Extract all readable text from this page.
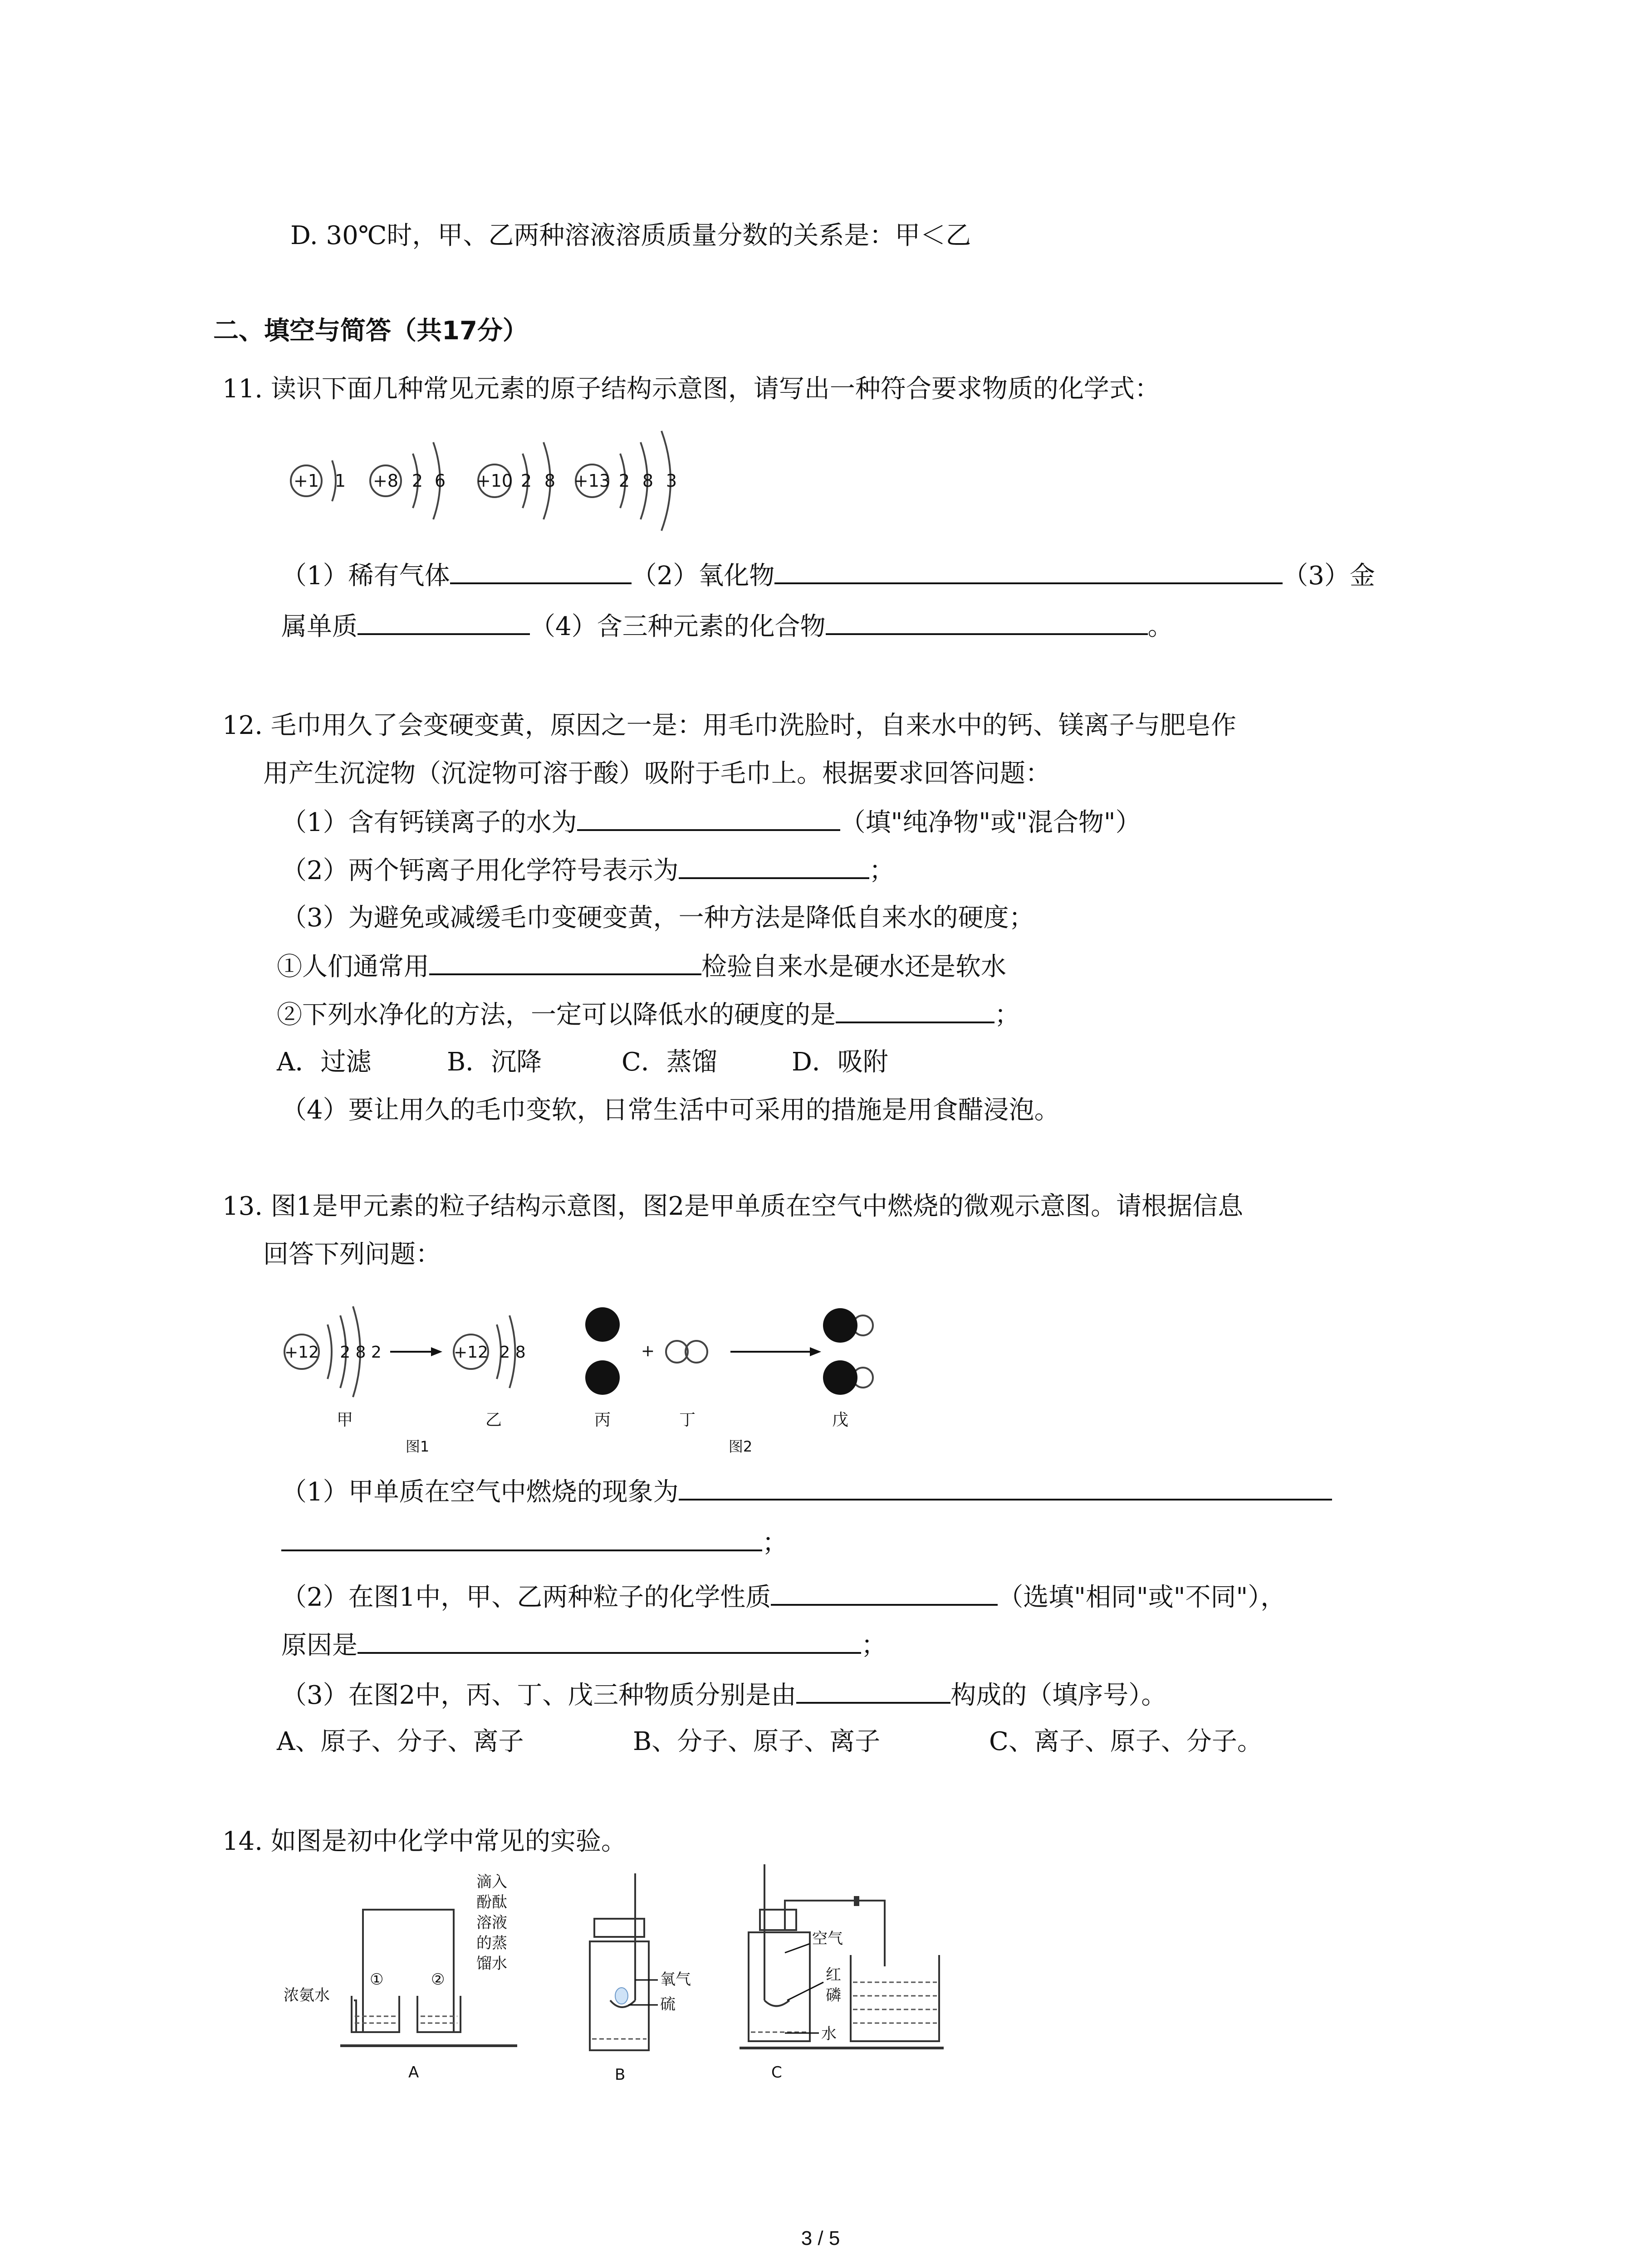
D. 30℃时，甲、乙两种溶液溶质质量分数的关系是：甲＜乙
二、填空与简答（共17分）
11. 读识下面几种常见元素的原子结构示意图，请写出一种符合要求物质的化学式：
+1 1 +8 2 6 +10 2 8 +13 2 8 3
（1）稀有气体	（2）氧化物	（3）金
属单质	（4）含三种元素的化合物	。
12. 毛巾用久了会变硬变黄，原因之一是：用毛巾洗脸时，自来水中的钙、镁离子与肥皂作
用产生沉淀物（沉淀物可溶于酸）吸附于毛巾上。根据要求回答问题：
（1）含有钙镁离子的水为	（填"纯净物"或"混合物"）
（2）两个钙离子用化学符号表示为	；
（3）为避免或减缓毛巾变硬变黄，一种方法是降低自来水的硬度；
①人们通常用	检验自来水是硬水还是软水
②下列水净化的方法，一定可以降低水的硬度的是	；
A．过滤	B．沉降	C．蒸馏	D．吸附
（4）要让用久的毛巾变软，日常生活中可采用的措施是用食醋浸泡。
13. 图1是甲元素的粒子结构示意图，图2是甲单质在空气中燃烧的微观示意图。请根据信息
回答下列问题：
+12 2 8 2	+12 2 8	+
甲	乙	丙	丁	戊
图1	图2
（1）甲单质在空气中燃烧的现象为
；
（2）在图1中，甲、乙两种粒子的化学性质	（选填"相同"或"不同"），
原因是	；
（3）在图2中，丙、丁、戊三种物质分别是由	构成的（填序号）。
A、原子、分子、离子	B、分子、原子、离子	C、离子、原子、分子。
14. 如图是初中化学中常见的实验。
浓氨水
①	②
滴入
酚酞
溶液
的蒸
馏水
A
氧气
硫
B
空气
红
磷
水
C
3 / 5
